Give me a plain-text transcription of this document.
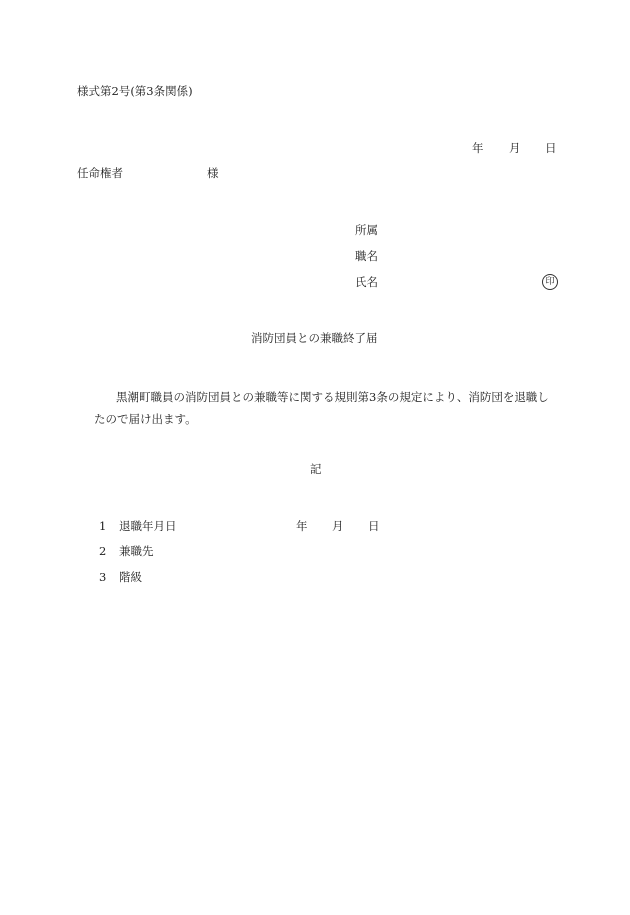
様式第2号(第3条関係)
年 月 日
任命権者	様
所属
職名
氏名	印
消防団員との兼職終了届
黒潮町職員の消防団員との兼職等に関する規則第3条の規定により、消防団を退職したので届け出ます。
記
1 退職年月日	年 月 日
2 兼職先
3 階級
